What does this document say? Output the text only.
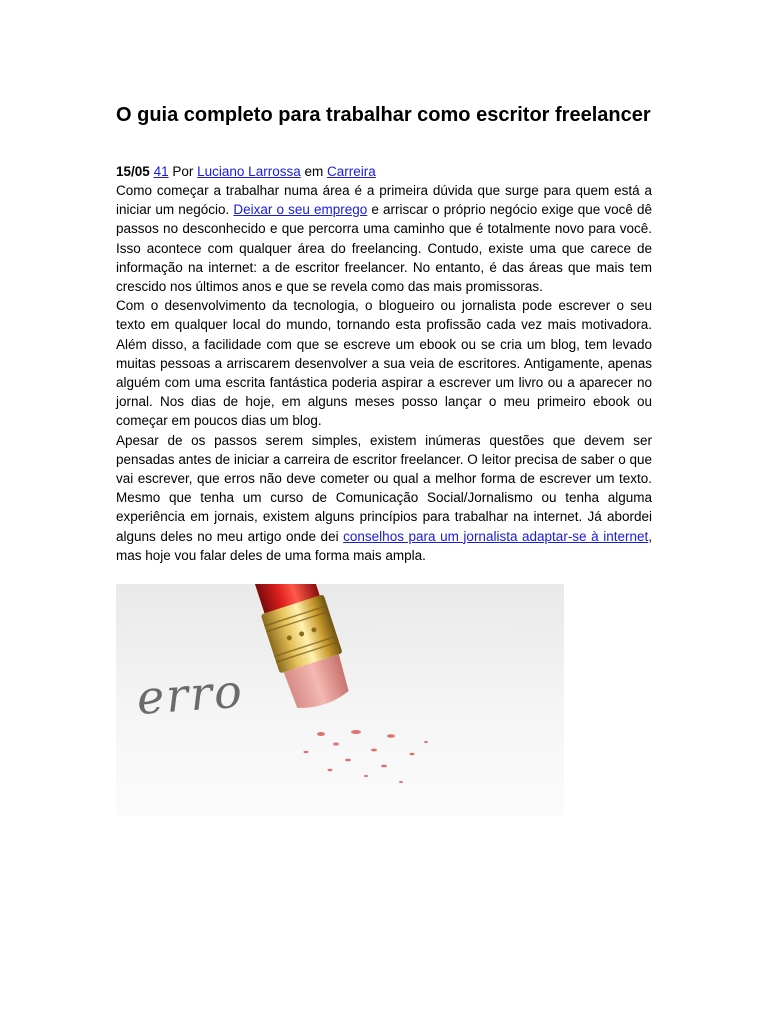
O guia completo para trabalhar como escritor freelancer
15/05 41 Por Luciano Larrossa em Carreira

Como começar a trabalhar numa área é a primeira dúvida que surge para quem está a iniciar um negócio. Deixar o seu emprego e arriscar o próprio negócio exige que você dê passos no desconhecido e que percorra uma caminho que é totalmente novo para você. Isso acontece com qualquer área do freelancing. Contudo, existe uma que carece de informação na internet: a de escritor freelancer. No entanto, é das áreas que mais tem crescido nos últimos anos e que se revela como das mais promissoras.

Com o desenvolvimento da tecnologia, o blogueiro ou jornalista pode escrever o seu texto em qualquer local do mundo, tornando esta profissão cada vez mais motivadora. Além disso, a facilidade com que se escreve um ebook ou se cria um blog, tem levado muitas pessoas a arriscarem desenvolver a sua veia de escritores. Antigamente, apenas alguém com uma escrita fantástica poderia aspirar a escrever um livro ou a aparecer no jornal. Nos dias de hoje, em alguns meses posso lançar o meu primeiro ebook ou começar em poucos dias um blog.

Apesar de os passos serem simples, existem inúmeras questões que devem ser pensadas antes de iniciar a carreira de escritor freelancer. O leitor precisa de saber o que vai escrever, que erros não deve cometer ou qual a melhor forma de escrever um texto. Mesmo que tenha um curso de Comunicação Social/Jornalismo ou tenha alguma experiência em jornais, existem alguns princípios para trabalhar na internet. Já abordei alguns deles no meu artigo onde dei conselhos para um jornalista adaptar-se à internet, mas hoje vou falar deles de uma forma mais ampla.

erro
